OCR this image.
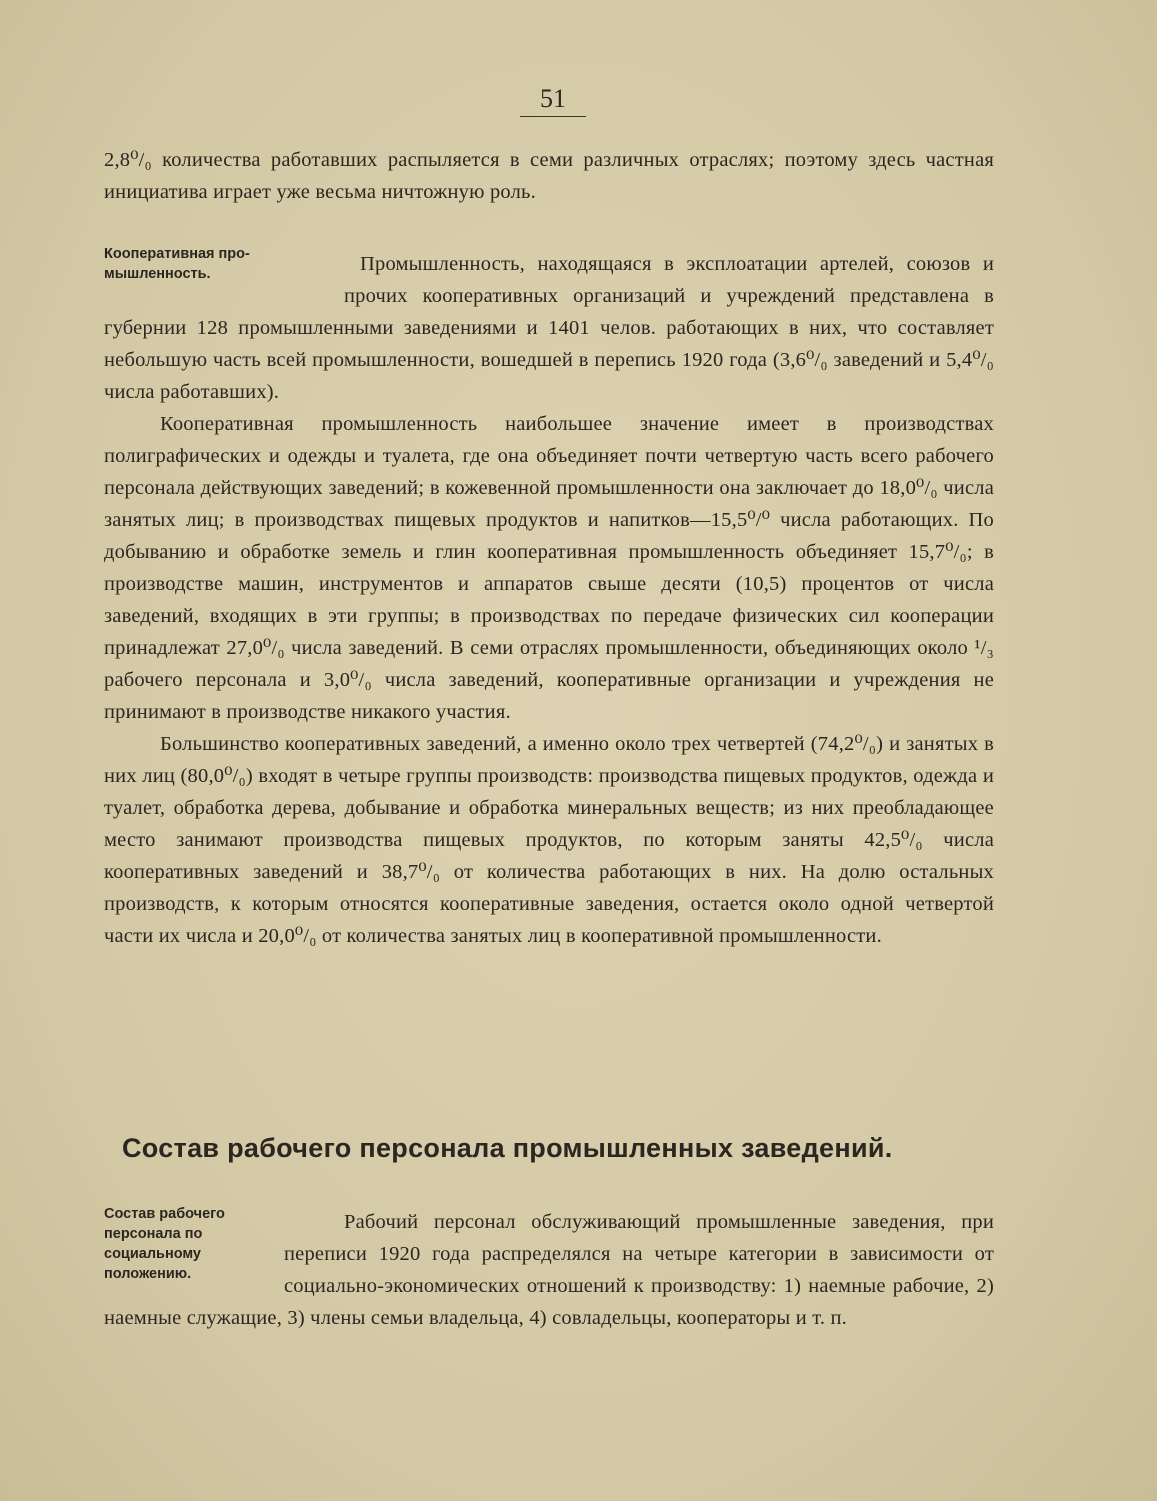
51

2,8⁰/₀ количества работавших распыляется в семи различных отраслях; поэтому здесь частная инициатива играет уже весьма ничтожную роль.

Кооперативная про- мышленность.	Промышленность, находящаяся в эксплоатации артелей, союзов и прочих кооперативных организаций и учреждений представлена в губернии 128 промышленными заведениями и 1401 челов. работающих в них, что составляет небольшую часть всей промышленности, вошедшей в перепись 1920 года (3,6⁰/₀ заведений и 5,4⁰/₀ числа работавших).

Кооперативная промышленность наибольшее значение имеет в производствах полиграфических и одежды и туалета, где она объединяет почти четвертую часть всего рабочего персонала действующих заведений; в кожевенной промышленности она заключает до 18,0⁰/₀ числа занятых лиц; в производствах пищевых продуктов и напитков—15,5⁰/⁰ числа работающих. По добыванию и обработке земель и глин кооперативная промышленность объединяет 15,7⁰/₀; в производстве машин, инструментов и аппаратов свыше десяти (10,5) процентов от числа заведений, входящих в эти группы; в производствах по передаче физических сил кооперации принадлежат 27,0⁰/₀ числа заведений. В семи отраслях промышленности, объединяющих около ¹/₃ рабочего персонала и 3,0⁰/₀ числа заведений, кооперативные организации и учреждения не принимают в производстве никакого участия.

Большинство кооперативных заведений, а именно около трех четвертей (74,2⁰/₀) и занятых в них лиц (80,0⁰/₀) входят в четыре группы производств: производства пищевых продуктов, одежда и туалет, обработка дерева, добывание и обработка минеральных веществ; из них преобладающее место занимают производства пищевых продуктов, по которым заняты 42,5⁰/₀ числа кооперативных заведений и 38,7⁰/₀ от количества работающих в них. На долю остальных производств, к которым относятся кооперативные заведения, остается около одной четвертой части их числа и 20,0⁰/₀ от количества занятых лиц в кооперативной промышленности.

Состав рабочего персонала промышленных заведений.
Состав рабочего персонала по социальному положению.

Рабочий персонал обслуживающий промышленные заведения, при переписи 1920 года распределялся на четыре категории в зависимости от социально-экономических отношений к производству: 1) наемные рабочие, 2) наемные служащие, 3) члены семьи владельца, 4) совладельцы, кооператоры и т. п.
